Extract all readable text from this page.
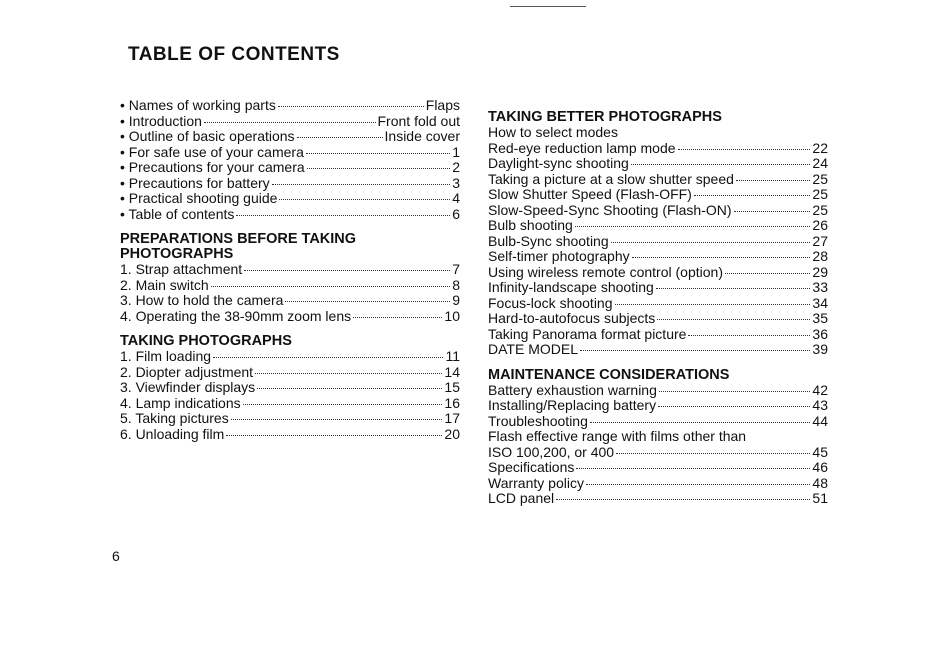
TABLE OF CONTENTS
• Names of working parts	Flaps
• Introduction	Front fold out
• Outline of basic operations	Inside cover
• For safe use of your camera	1
• Precautions for your camera	2
• Precautions for battery	3
• Practical shooting guide	4
• Table of contents	6
PREPARATIONS BEFORE TAKING
PHOTOGRAPHS
1. Strap attachment	7
2. Main switch	8
3. How to hold the camera	9
4. Operating the 38-90mm zoom lens	10
TAKING PHOTOGRAPHS
1. Film loading	11
2. Diopter adjustment	14
3. Viewfinder displays	15
4. Lamp indications	16
5. Taking pictures	17
6. Unloading film	20
TAKING BETTER PHOTOGRAPHS
How to select modes
Red-eye reduction lamp mode	22
Daylight-sync shooting	24
Taking a picture at a slow shutter speed	25
Slow Shutter Speed (Flash-OFF)	25
Slow-Speed-Sync Shooting (Flash-ON)	25
Bulb shooting	26
Bulb-Sync shooting	27
Self-timer photography	28
Using wireless remote control (option)	29
Infinity-landscape shooting	33
Focus-lock shooting	34
Hard-to-autofocus subjects	35
Taking Panorama format picture	36
DATE MODEL	39
MAINTENANCE CONSIDERATIONS
Battery exhaustion warning	42
Installing/Replacing battery	43
Troubleshooting	44
Flash effective range with films other than
ISO 100,200, or 400	45
Specifications	46
Warranty policy	48
LCD panel	51
6
